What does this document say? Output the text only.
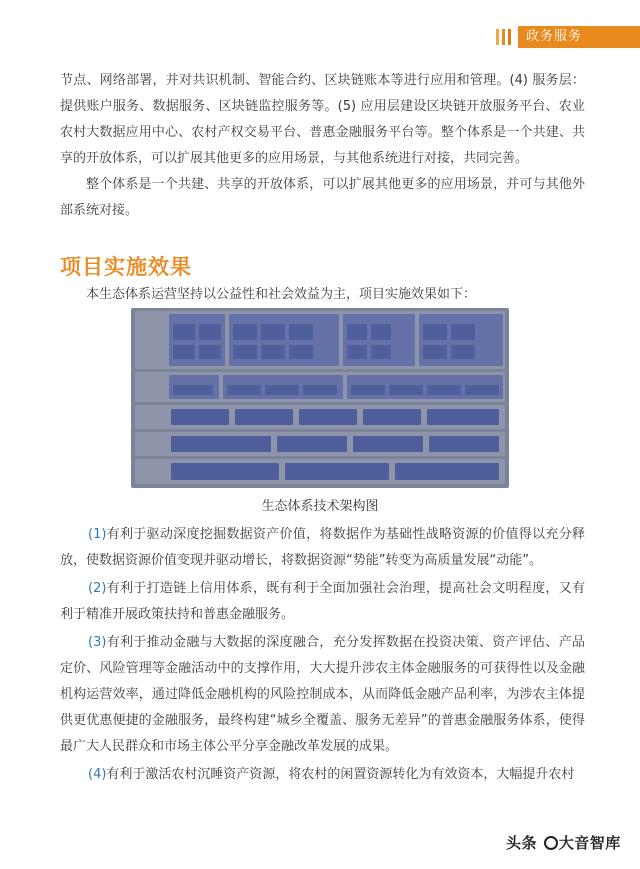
政务服务

节点、网络部署，并对共识机制、智能合约、区块链账本等进行应用和管理。(4) 服务层：提供账户服务、数据服务、区块链监控服务等。(5) 应用层建设区块链开放服务平台、农业农村大数据应用中心、农村产权交易平台、普惠金融服务平台等。整个体系是一个共建、共享的开放体系，可以扩展其他更多的应用场景，与其他系统进行对接，共同完善。

整个体系是一个共建、共享的开放体系，可以扩展其他更多的应用场景，并可与其他外部系统对接。

项目实施效果
本生态体系运营坚持以公益性和社会效益为主，项目实施效果如下：
生态体系技术架构图

(1)有利于驱动深度挖掘数据资产价值，将数据作为基础性战略资源的价值得以充分释放，使数据资源价值变现并驱动增长，将数据资源“势能”转变为高质量发展“动能”。

(2)有利于打造链上信用体系，既有利于全面加强社会治理，提高社会文明程度，又有利于精准开展政策扶持和普惠金融服务。

(3)有利于推动金融与大数据的深度融合，充分发挥数据在投资决策、资产评估、产品定价、风险管理等金融活动中的支撑作用，大大提升涉农主体金融服务的可获得性以及金融机构运营效率，通过降低金融机构的风险控制成本，从而降低金融产品利率，为涉农主体提供更优惠便捷的金融服务，最终构建“城乡全覆盖、服务无差异”的普惠金融服务体系，使得最广大人民群众和市场主体公平分享金融改革发展的成果。

(4)有利于激活农村沉睡资产资源，将农村的闲置资源转化为有效资本，大幅提升农村

头条 大音智库
